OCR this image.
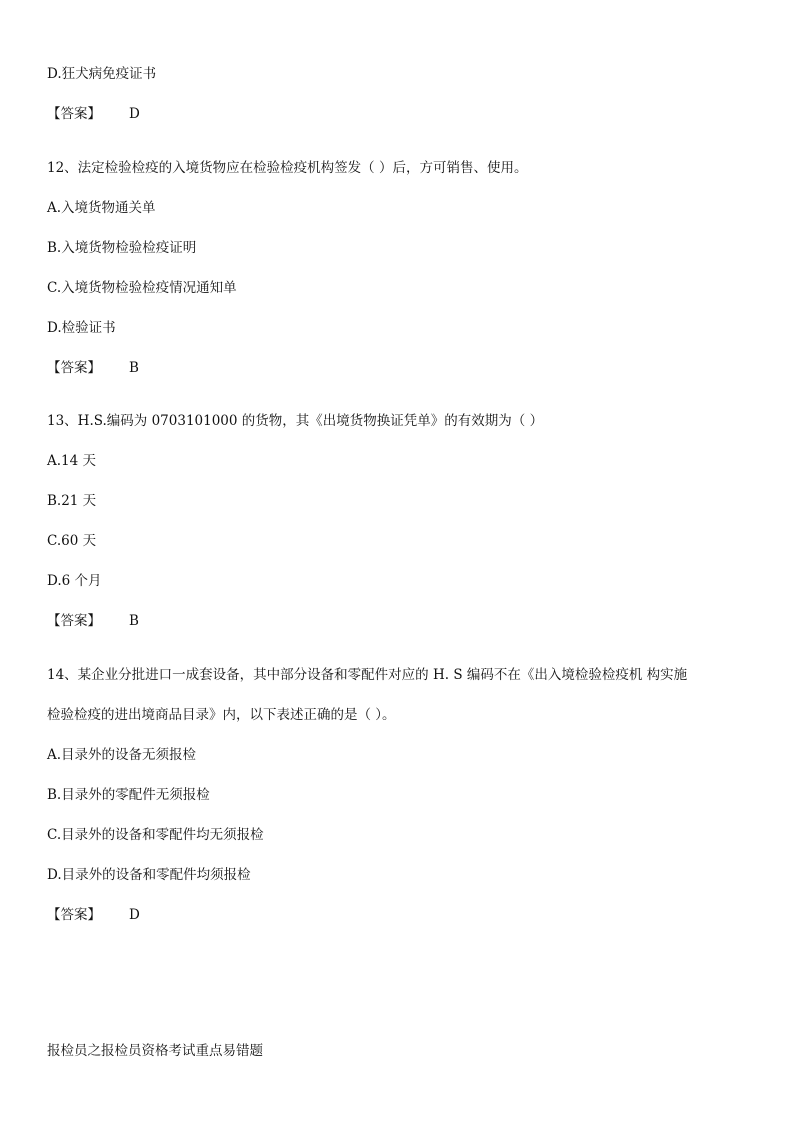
D.狂犬病免疫证书
【答案】 D
12、法定检验检疫的入境货物应在检验检疫机构签发（ ）后，方可销售、使用。
A.入境货物通关单
B.入境货物检验检疫证明
C.入境货物检验检疫情况通知单
D.检验证书
【答案】 B
13、H.S.编码为 0703101000 的货物，其《出境货物换证凭单》的有效期为（ ）
A.14 天
B.21 天
C.60 天
D.6 个月
【答案】 B
14、某企业分批进口一成套设备，其中部分设备和零配件对应的 H. S 编码不在《出入境检验检疫机 构实施
检验检疫的进出境商品目录》内，以下表述正确的是（ ）。
A.目录外的设备无须报检
B.目录外的零配件无须报检
C.目录外的设备和零配件均无须报检
D.目录外的设备和零配件均须报检
【答案】 D
报检员之报检员资格考试重点易错题
